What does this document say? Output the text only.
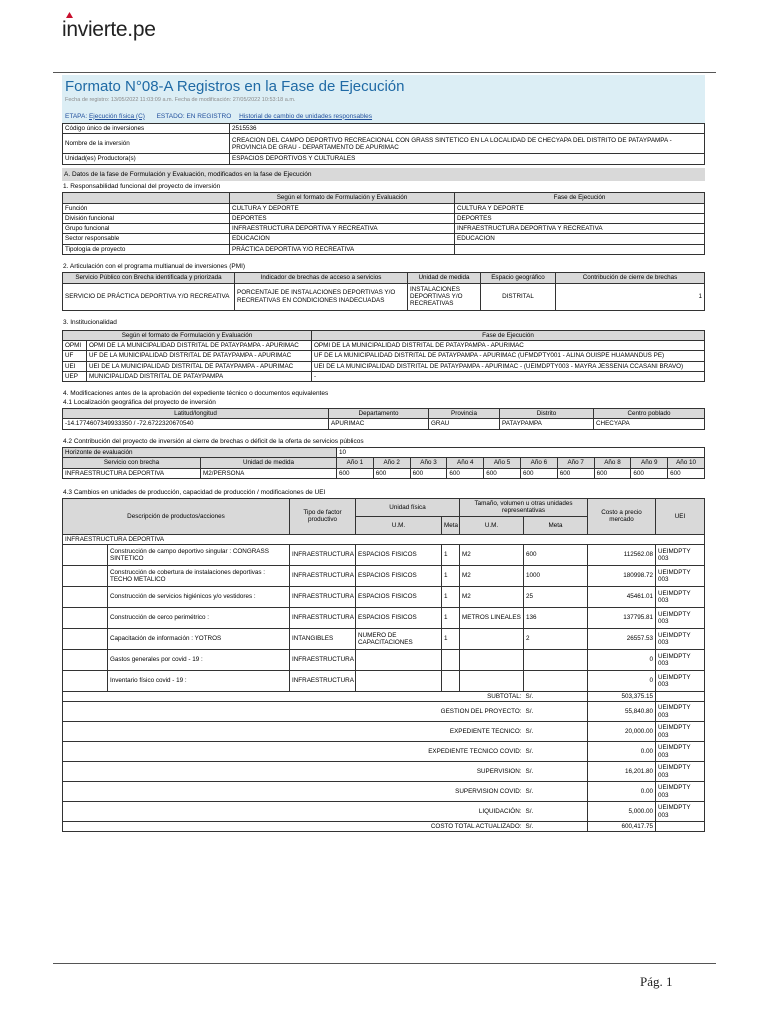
invierte.pe
Formato N°08-A Registros en la Fase de Ejecución
Fecha de registro: 13/05/2022 11:03:09 a.m. Fecha de modificación: 27/05/2022 10:53:18 a.m.
ETAPA: Ejecución física (C) ESTADO: EN REGISTRO Historial de cambio de unidades responsables
Código único de inversiones	2515536
Nombre de la inversión	CREACION DEL CAMPO DEPORTIVO RECREACIONAL CON GRASS SINTETICO EN LA LOCALIDAD DE CHECYAPA DEL DISTRITO DE PATAYPAMPA - PROVINCIA DE GRAU - DEPARTAMENTO DE APURIMAC
Unidad(es) Productora(s)	ESPACIOS DEPORTIVOS Y CULTURALES
A. Datos de la fase de Formulación y Evaluación, modificados en la fase de Ejecución
1. Responsabilidad funcional del proyecto de inversión
	Según el formato de Formulación y Evaluación	Fase de Ejecución
Función	CULTURA Y DEPORTE	CULTURA Y DEPORTE
División funcional	DEPORTES	DEPORTES
Grupo funcional	INFRAESTRUCTURA DEPORTIVA Y RECREATIVA	INFRAESTRUCTURA DEPORTIVA Y RECREATIVA
Sector responsable	EDUCACION	EDUCACION
Tipología de proyecto	PRÁCTICA DEPORTIVA Y/O RECREATIVA	
2. Articulación con el programa multianual de inversiones (PMI)
Servicio Público con Brecha identificada y priorizada	Indicador de brechas de acceso a servicios	Unidad de medida	Espacio geográfico	Contribución de cierre de brechas
SERVICIO DE PRÁCTICA DEPORTIVA Y/O RECREATIVA	PORCENTAJE DE INSTALACIONES DEPORTIVAS Y/O RECREATIVAS EN CONDICIONES INADECUADAS	INSTALACIONES DEPORTIVAS Y/O RECREATIVAS	DISTRITAL	1
3. Institucionalidad
Según el formato de Formulación y Evaluación		Fase de Ejecución
OPMI	OPMI DE LA MUNICIPALIDAD DISTRITAL DE PATAYPAMPA - APURIMAC	OPMI DE LA MUNICIPALIDAD DISTRITAL DE PATAYPAMPA - APURIMAC
UF	UF DE LA MUNICIPALIDAD DISTRITAL DE PATAYPAMPA - APURIMAC	UF DE LA MUNICIPALIDAD DISTRITAL DE PATAYPAMPA - APURIMAC (UFMDPTY001 - ALINA OUISPE HUAMANDUS PE)
UEI	UEI DE LA MUNICIPALIDAD DISTRITAL DE PATAYPAMPA - APURIMAC	UEI DE LA MUNICIPALIDAD DISTRITAL DE PATAYPAMPA - APURIMAC - (UEIMDPTY003 - MAYRA JESSENIA CCASANI BRAVO)
UEP	MUNICIPALIDAD DISTRITAL DE PATAYPAMPA	-
4. Modificaciones antes de la aprobación del expediente técnico o documentos equivalentes
4.1 Localización geográfica del proyecto de inversión
Latitud/longitud	Departamento	Provincia	Distrito	Centro poblado
-14.1774607349933350 / -72.6722320670540	APURIMAC	GRAU	PATAYPAMPA	CHECYAPA
4.2 Contribución del proyecto de inversión al cierre de brechas o déficit de la oferta de servicios públicos
Horizonte de evaluación		10									
Servicio con brecha	Unidad de medida	Año 1	Año 2	Año 3	Año 4	Año 5	Año 6	Año 7	Año 8	Año 9	Año 10
INFRAESTRUCTURA DEPORTIVA	M2/PERSONA	600	600	600	600	600	600	600	600	600	600
4.3 Cambios en unidades de producción, capacidad de producción / modificaciones de UEI
Descripción de productos/acciones		Tipo de factor productivo	Unidad física		Tamaño, volumen u otras unidades representativas		Costo a precio mercado	UEI
			U.M.	Meta	U.M.	Meta		
INFRAESTRUCTURA DEPORTIVA								
	Construcción de campo deportivo singular : CONGRASS SINTETICO	INFRAESTRUCTURA	ESPACIOS FISICOS	1	M2	600	112562.08	UEIMDPTY 003
	Construcción de cobertura de instalaciones deportivas : TECHO METALICO	INFRAESTRUCTURA	ESPACIOS FISICOS	1	M2	1000	180998.72	UEIMDPTY 003
	Construcción de servicios higiénicos y/o vestidores :	INFRAESTRUCTURA	ESPACIOS FISICOS	1	M2	25	45461.01	UEIMDPTY 003
	Construcción de cerco perimétrico :	INFRAESTRUCTURA	ESPACIOS FISICOS	1	METROS LINEALES	136	137795.81	UEIMDPTY 003
	Capacitación de información : YOTROS	INTANGIBLES	NUMERO DE CAPACITACIONES	1		2	26557.53	UEIMDPTY 003
	Gastos generales por covid - 19 :	INFRAESTRUCTURA					0	UEIMDPTY 003
	Inventario físico covid - 19 :	INFRAESTRUCTURA					0	UEIMDPTY 003
SUBTOTAL:						S/.	503,375.15	
GESTION DEL PROYECTO:						S/.	55,840.80	UEIMDPTY 003
EXPEDIENTE TECNICO:						S/.	20,000.00	UEIMDPTY 003
EXPEDIENTE TECNICO COVID:						S/.	0.00	UEIMDPTY 003
SUPERVISION:						S/.	16,201.80	UEIMDPTY 003
SUPERVISION COVID:						S/.	0.00	UEIMDPTY 003
LIQUIDACIÓN:						S/.	5,000.00	UEIMDPTY 003
COSTO TOTAL ACTUALIZADO:						S/.	600,417.75	
Pág. 1
